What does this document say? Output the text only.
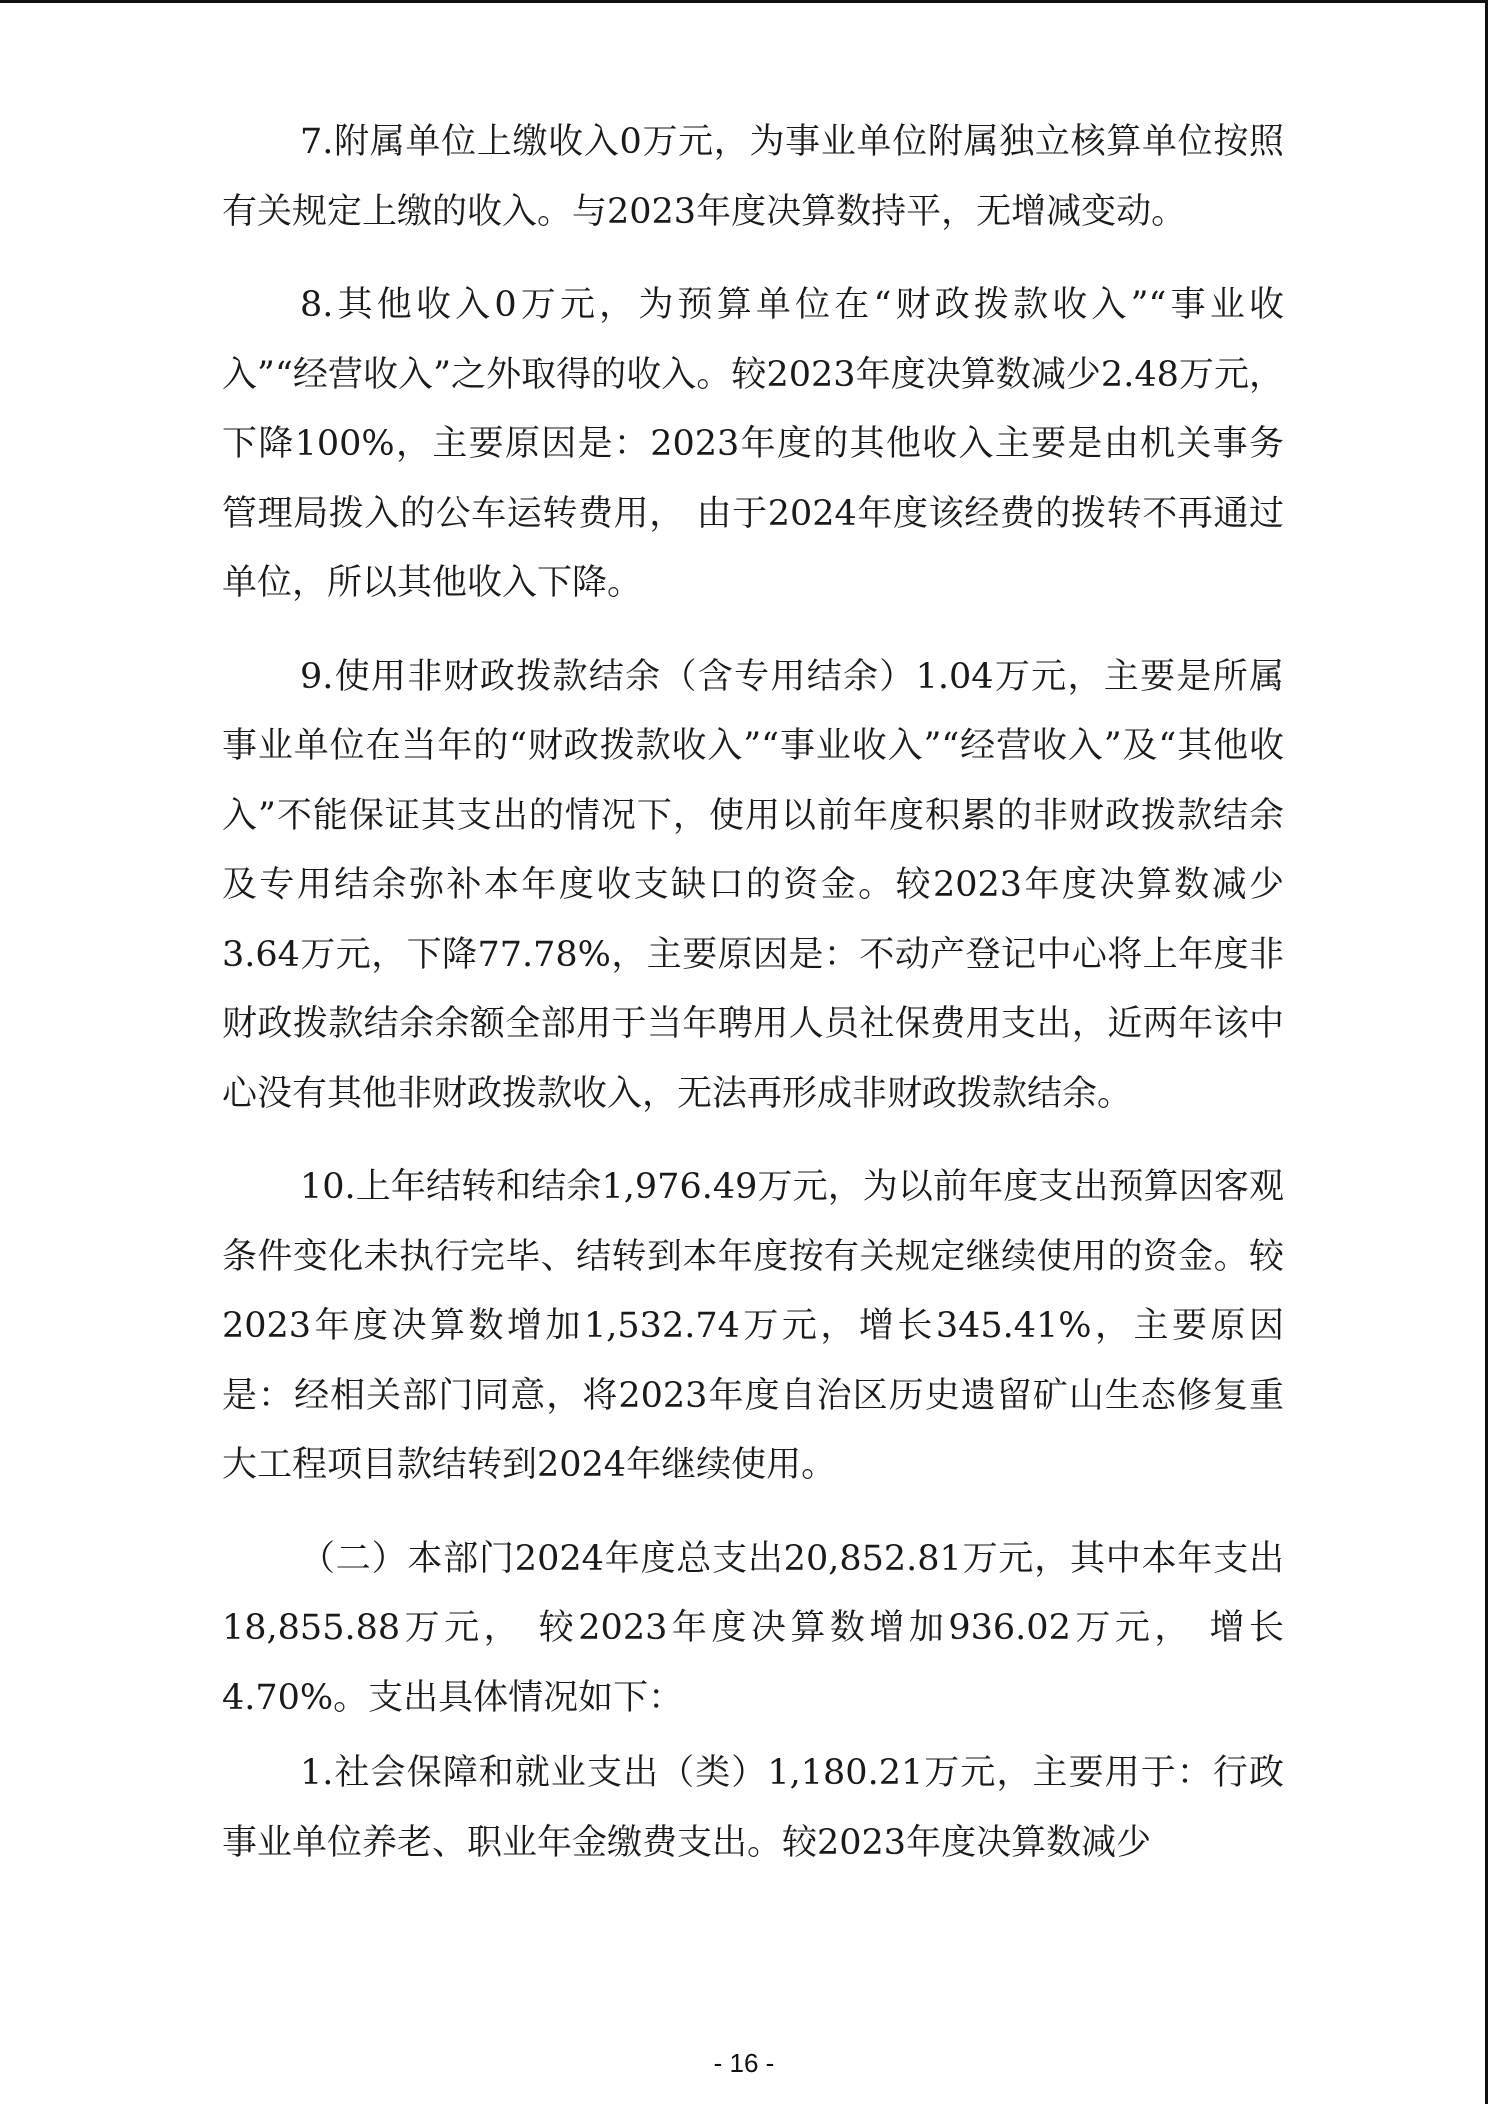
7.附属单位上缴收入0万元，为事业单位附属独立核算单位按照有关规定上缴的收入。与2023年度决算数持平，无增减变动。

8.其他收入0万元，为预算单位在“财政拨款收入”“事业收入”“经营收入”之外取得的收入。较2023年度决算数减少2.48万元，下降100%，主要原因是：2023年度的其他收入主要是由机关事务管理局拨入的公车运转费用， 由于2024年度该经费的拨转不再通过单位，所以其他收入下降。

9.使用非财政拨款结余（含专用结余）1.04万元，主要是所属事业单位在当年的“财政拨款收入”“事业收入”“经营收入”及“其他收入”不能保证其支出的情况下，使用以前年度积累的非财政拨款结余及专用结余弥补本年度收支缺口的资金。较2023年度决算数减少3.64万元，下降77.78%，主要原因是：不动产登记中心将上年度非财政拨款结余余额全部用于当年聘用人员社保费用支出，近两年该中心没有其他非财政拨款收入，无法再形成非财政拨款结余。

10.上年结转和结余1,976.49万元，为以前年度支出预算因客观条件变化未执行完毕、结转到本年度按有关规定继续使用的资金。较2023年度决算数增加1,532.74万元，增长345.41%，主要原因是：经相关部门同意，将2023年度自治区历史遗留矿山生态修复重大工程项目款结转到2024年继续使用。

（二）本部门2024年度总支出20,852.81万元，其中本年支出18,855.88万元， 较2023年度决算数增加936.02万元， 增长4.70%。支出具体情况如下：

1.社会保障和就业支出（类）1,180.21万元，主要用于：行政事业单位养老、职业年金缴费支出。较2023年度决算数减少

- 16 -
